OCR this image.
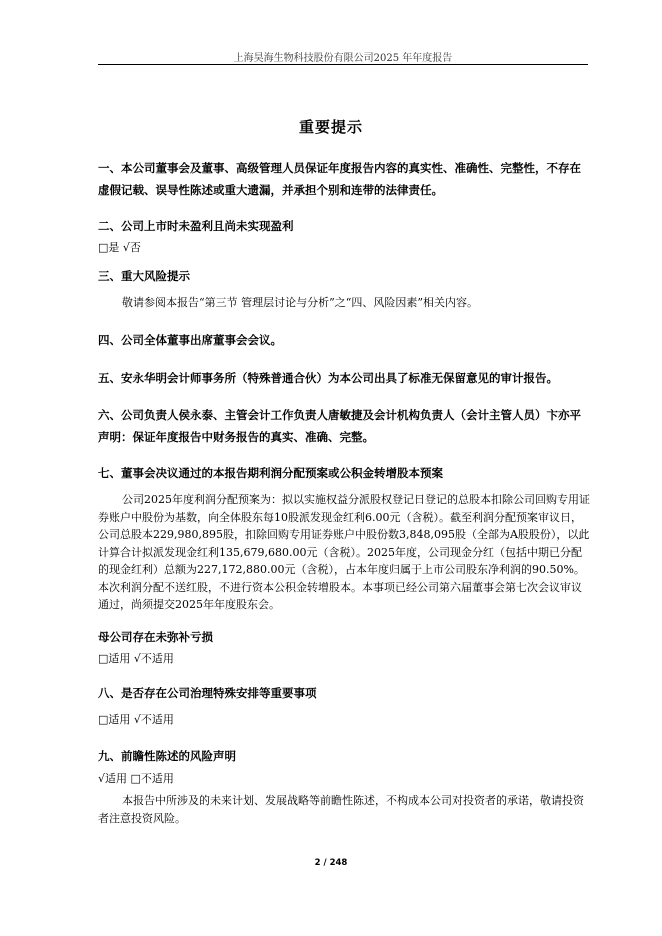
上海昊海生物科技股份有限公司2025 年年度报告
重要提示

一、本公司董事会及董事、高级管理人员保证年度报告内容的真实性、准确性、完整性，不存在虚假记载、误导性陈述或重大遗漏，并承担个别和连带的法律责任。

二、公司上市时未盈利且尚未实现盈利

□是 √否

三、重大风险提示

敬请参阅本报告“第三节 管理层讨论与分析”之“四、风险因素”相关内容。

四、公司全体董事出席董事会会议。

五、安永华明会计师事务所（特殊普通合伙）为本公司出具了标准无保留意见的审计报告。

六、公司负责人侯永泰、主管会计工作负责人唐敏捷及会计机构负责人（会计主管人员）卞亦平声明：保证年度报告中财务报告的真实、准确、完整。

七、董事会决议通过的本报告期利润分配预案或公积金转增股本预案

公司2025年度利润分配预案为：拟以实施权益分派股权登记日登记的总股本扣除公司回购专用证券账户中股份为基数，向全体股东每10股派发现金红利6.00元（含税）。截至利润分配预案审议日，公司总股本229,980,895股，扣除回购专用证券账户中股份数3,848,095股（全部为A股股份），以此计算合计拟派发现金红利135,679,680.00元（含税）。2025年度，公司现金分红（包括中期已分配的现金红利）总额为227,172,880.00元（含税），占本年度归属于上市公司股东净利润的90.50%。本次利润分配不送红股，不进行资本公积金转增股本。本事项已经公司第六届董事会第七次会议审议通过，尚须提交2025年年度股东会。

母公司存在未弥补亏损

□适用 √不适用

八、是否存在公司治理特殊安排等重要事项

□适用 √不适用

九、前瞻性陈述的风险声明

√适用 □不适用

本报告中所涉及的未来计划、发展战略等前瞻性陈述，不构成本公司对投资者的承诺，敬请投资者注意投资风险。

2 / 248
